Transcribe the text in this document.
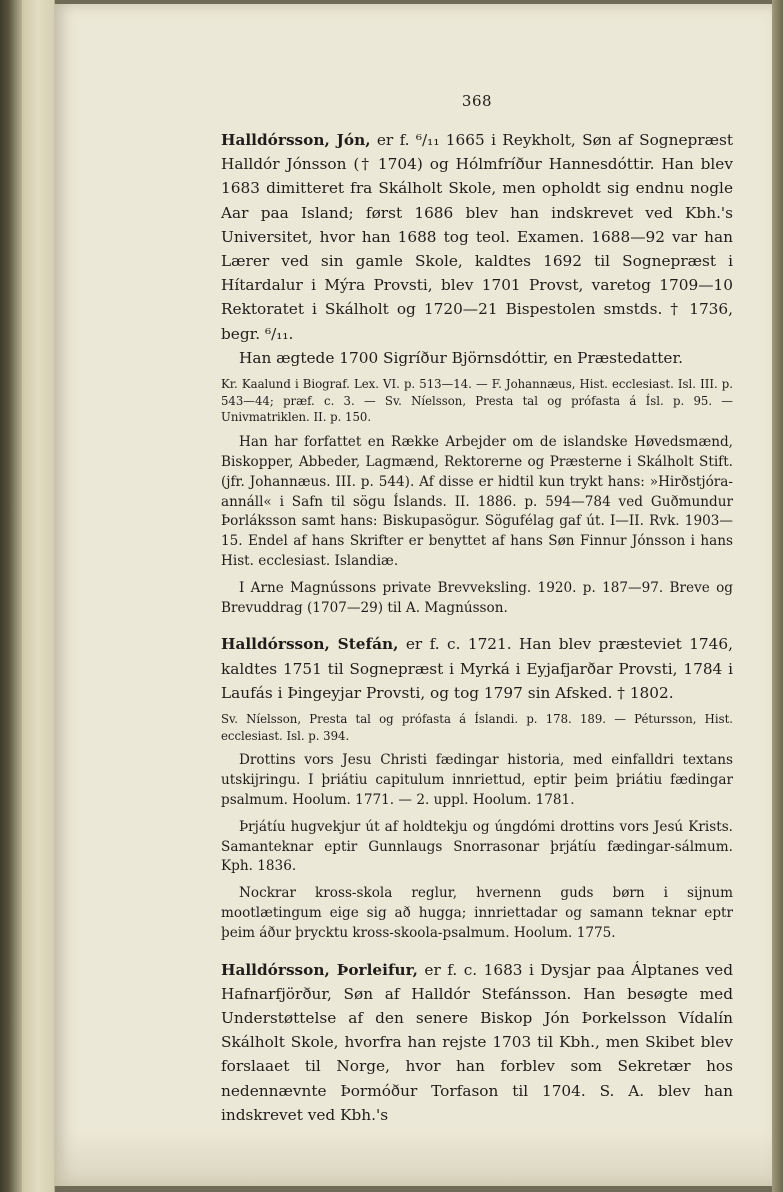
368

Halldórsson, Jón, er f. ⁶/₁₁ 1665 i Reykholt, Søn af Sognepræst Halldór Jónsson († 1704) og Hólmfríður Hannesdóttir. Han blev 1683 dimitteret fra Skálholt Skole, men opholdt sig endnu nogle Aar paa Island; først 1686 blev han indskrevet ved Kbh.'s Universitet, hvor han 1688 tog teol. Examen. 1688—92 var han Lærer ved sin gamle Skole, kaldtes 1692 til Sognepræst i Hítardalur i Mýra Provsti, blev 1701 Provst, varetog 1709—10 Rektoratet i Skálholt og 1720—21 Bispestolen smstds. † 1736, begr. ⁶/₁₁.

Han ægtede 1700 Sigríður Björnsdóttir, en Præstedatter.

Kr. Kaalund i Biograf. Lex. VI. p. 513—14. — F. Johannæus, Hist. ecclesiast. Isl. III. p. 543—44; præf. c. 3. — Sv. Níelsson, Presta tal og prófasta á Ísl. p. 95. — Univmatriklen. II. p. 150.

Han har forfattet en Række Arbejder om de islandske Høvedsmænd, Biskopper, Abbeder, Lagmænd, Rektorerne og Præsterne i Skálholt Stift. (jfr. Johannæus. III. p. 544). Af disse er hidtil kun trykt hans: »Hirðstjóra-annáll« i Safn til sögu Íslands. II. 1886. p. 594—784 ved Guðmundur Þorláksson samt hans: Biskupasögur. Sögufélag gaf út. I—II. Rvk. 1903—15. Endel af hans Skrifter er benyttet af hans Søn Finnur Jónsson i hans Hist. ecclesiast. Islandiæ.

I Arne Magnússons private Brevveksling. 1920. p. 187—97. Breve og Brevuddrag (1707—29) til A. Magnússon.

Halldórsson, Stefán, er f. c. 1721. Han blev præsteviet 1746, kaldtes 1751 til Sognepræst i Myrká i Eyjafjarðar Provsti, 1784 i Laufás i Þingeyjar Provsti, og tog 1797 sin Afsked. † 1802.

Sv. Níelsson, Presta tal og prófasta á Íslandi. p. 178. 189. — Pétursson, Hist. ecclesiast. Isl. p. 394.

Drottins vors Jesu Christi fædingar historia, med einfalldri textans utskijringu. I þriátiu capitulum innriettud, eptir þeim þriátiu fædingar psalmum. Hoolum. 1771. — 2. uppl. Hoolum. 1781.

Þrjátíu hugvekjur út af holdtekju og úngdómi drottins vors Jesú Krists. Samanteknar eptir Gunnlaugs Snorrasonar þrjátíu fædingar-sálmum. Kph. 1836.

Nockrar kross-skola reglur, hvernenn guds børn i sijnum mootlætingum eige sig að hugga; innriettadar og samann teknar eptr þeim áður þrycktu kross-skoola-psalmum. Hoolum. 1775.

Halldórsson, Þorleifur, er f. c. 1683 i Dysjar paa Álptanes ved Hafnarfjörður, Søn af Halldór Stefánsson. Han besøgte med Understøttelse af den senere Biskop Jón Þorkelsson Vídalín Skálholt Skole, hvorfra han rejste 1703 til Kbh., men Skibet blev forslaaet til Norge, hvor han forblev som Sekretær hos nedennævnte Þormóður Torfason til 1704. S. A. blev han indskrevet ved Kbh.'s
